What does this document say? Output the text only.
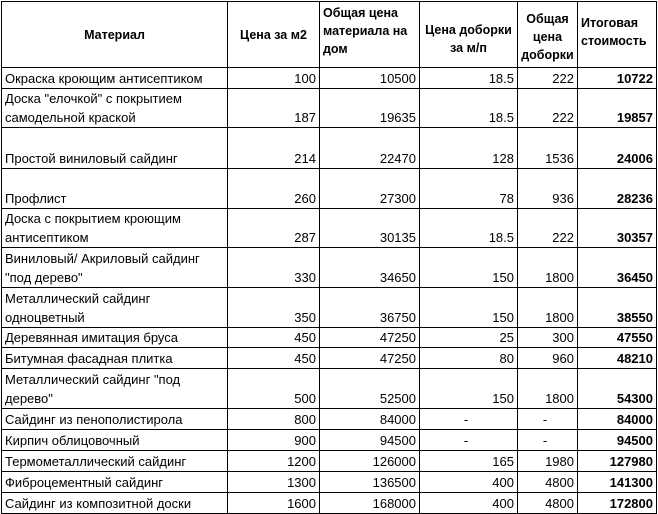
Материал	Цена за м2	Общая цена материала на дом	Цена доборки за м/п	Общая цена доборки	Итоговая стоимость
Окраска кроющим антисептиком	100	10500	18.5	222	10722
Доска "елочкой" с покрытием самодельной краской	187	19635	18.5	222	19857
Простой виниловый сайдинг	214	22470	128	1536	24006
Профлист	260	27300	78	936	28236
Доска с покрытием кроющим антисептиком	287	30135	18.5	222	30357
Виниловый/ Акриловый сайдинг "под дерево"	330	34650	150	1800	36450
Металлический сайдинг одноцветный	350	36750	150	1800	38550
Деревянная имитация бруса	450	47250	25	300	47550
Битумная фасадная плитка	450	47250	80	960	48210
Металлический сайдинг "под дерево"	500	52500	150	1800	54300
Сайдинг из пенополистирола	800	84000	-	-	84000
Кирпич облицовочный	900	94500	-	-	94500
Термометаллический сайдинг	1200	126000	165	1980	127980
Фиброцементный сайдинг	1300	136500	400	4800	141300
Сайдинг из композитной доски	1600	168000	400	4800	172800
